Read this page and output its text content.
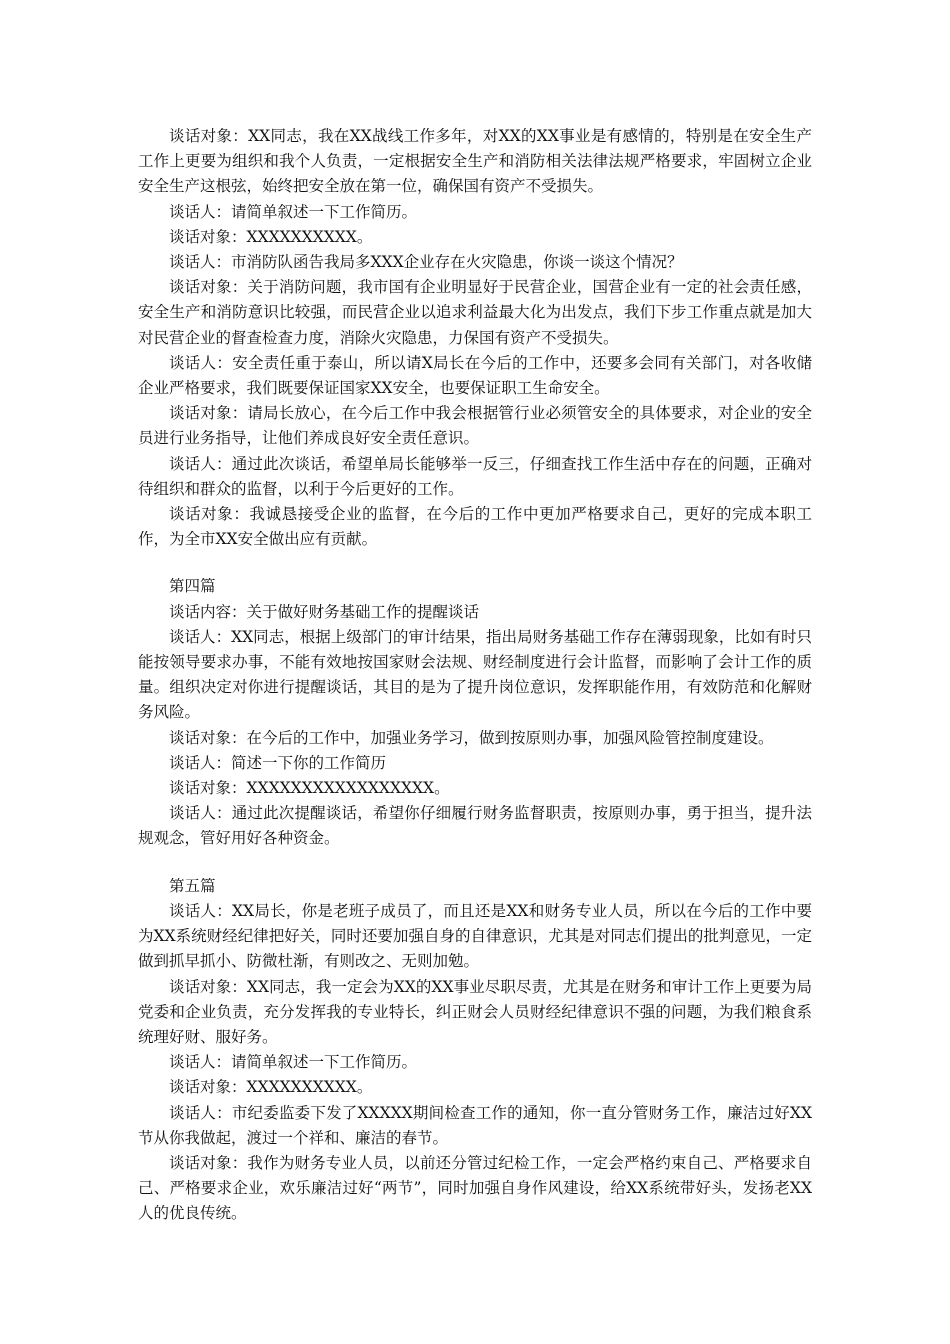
谈话对象：XX同志，我在XX战线工作多年，对XX的XX事业是有感情的，特别是在安全生产工作上更要为组织和我个人负责，一定根据安全生产和消防相关法律法规严格要求，牢固树立企业安全生产这根弦，始终把安全放在第一位，确保国有资产不受损失。

谈话人：请简单叙述一下工作简历。

谈话对象：XXXXXXXXXX。

谈话人：市消防队函告我局多XXX企业存在火灾隐患，你谈一谈这个情况？

谈话对象：关于消防问题，我市国有企业明显好于民营企业，国营企业有一定的社会责任感，安全生产和消防意识比较强，而民营企业以追求利益最大化为出发点，我们下步工作重点就是加大对民营企业的督查检查力度，消除火灾隐患，力保国有资产不受损失。

谈话人：安全责任重于泰山，所以请X局长在今后的工作中，还要多会同有关部门，对各收储企业严格要求，我们既要保证国家XX安全，也要保证职工生命安全。

谈话对象：请局长放心，在今后工作中我会根据管行业必须管安全的具体要求，对企业的安全员进行业务指导，让他们养成良好安全责任意识。

谈话人：通过此次谈话，希望单局长能够举一反三，仔细查找工作生活中存在的问题，正确对待组织和群众的监督，以利于今后更好的工作。

谈话对象：我诚恳接受企业的监督，在今后的工作中更加严格要求自己，更好的完成本职工作，为全市XX安全做出应有贡献。

第四篇

谈话内容：关于做好财务基础工作的提醒谈话

谈话人：XX同志，根据上级部门的审计结果，指出局财务基础工作存在薄弱现象，比如有时只能按领导要求办事，不能有效地按国家财会法规、财经制度进行会计监督，而影响了会计工作的质量。组织决定对你进行提醒谈话，其目的是为了提升岗位意识，发挥职能作用，有效防范和化解财务风险。

谈话对象：在今后的工作中，加强业务学习，做到按原则办事，加强风险管控制度建设。

谈话人：简述一下你的工作简历

谈话对象：XXXXXXXXXXXXXXXXX。

谈话人：通过此次提醒谈话，希望你仔细履行财务监督职责，按原则办事，勇于担当，提升法规观念，管好用好各种资金。

第五篇

谈话人：XX局长，你是老班子成员了，而且还是XX和财务专业人员，所以在今后的工作中要为XX系统财经纪律把好关，同时还要加强自身的自律意识，尤其是对同志们提出的批判意见，一定做到抓早抓小、防微杜渐，有则改之、无则加勉。

谈话对象：XX同志，我一定会为XX的XX事业尽职尽责，尤其是在财务和审计工作上更要为局党委和企业负责，充分发挥我的专业特长，纠正财会人员财经纪律意识不强的问题，为我们粮食系统理好财、服好务。

谈话人：请简单叙述一下工作简历。

谈话对象：XXXXXXXXXX。

谈话人：市纪委监委下发了XXXXX期间检查工作的通知，你一直分管财务工作，廉洁过好XX节从你我做起，渡过一个祥和、廉洁的春节。

谈话对象：我作为财务专业人员，以前还分管过纪检工作，一定会严格约束自己、严格要求自己、严格要求企业，欢乐廉洁过好“两节”，同时加强自身作风建设，给XX系统带好头，发扬老XX人的优良传统。
